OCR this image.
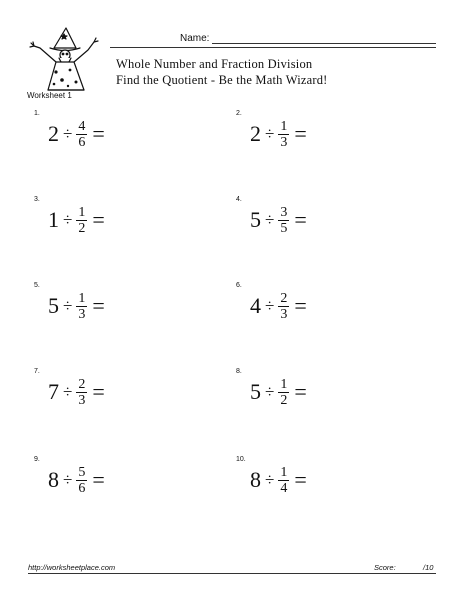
Worksheet 1
Name:
Whole Number and Fraction Division
Find the Quotient - Be the Math Wizard!
1.
$2 \div \frac{4}{6}$ =
2.
$2 \div \frac{1}{3}$ =
3.
$1 \div \frac{1}{2}$ =
4.
$5 \div \frac{3}{5}$ =
5.
$5 \div \frac{1}{3}$ =
6.
$4 \div \frac{2}{3}$ =
7.
$7 \div \frac{2}{3}$ =
8.
$5 \div \frac{1}{2}$ =
9.
$8 \div \frac{5}{6}$ =
10.
$8 \div \frac{1}{4}$ =
http://worksheetplace.com	Score:	/10
